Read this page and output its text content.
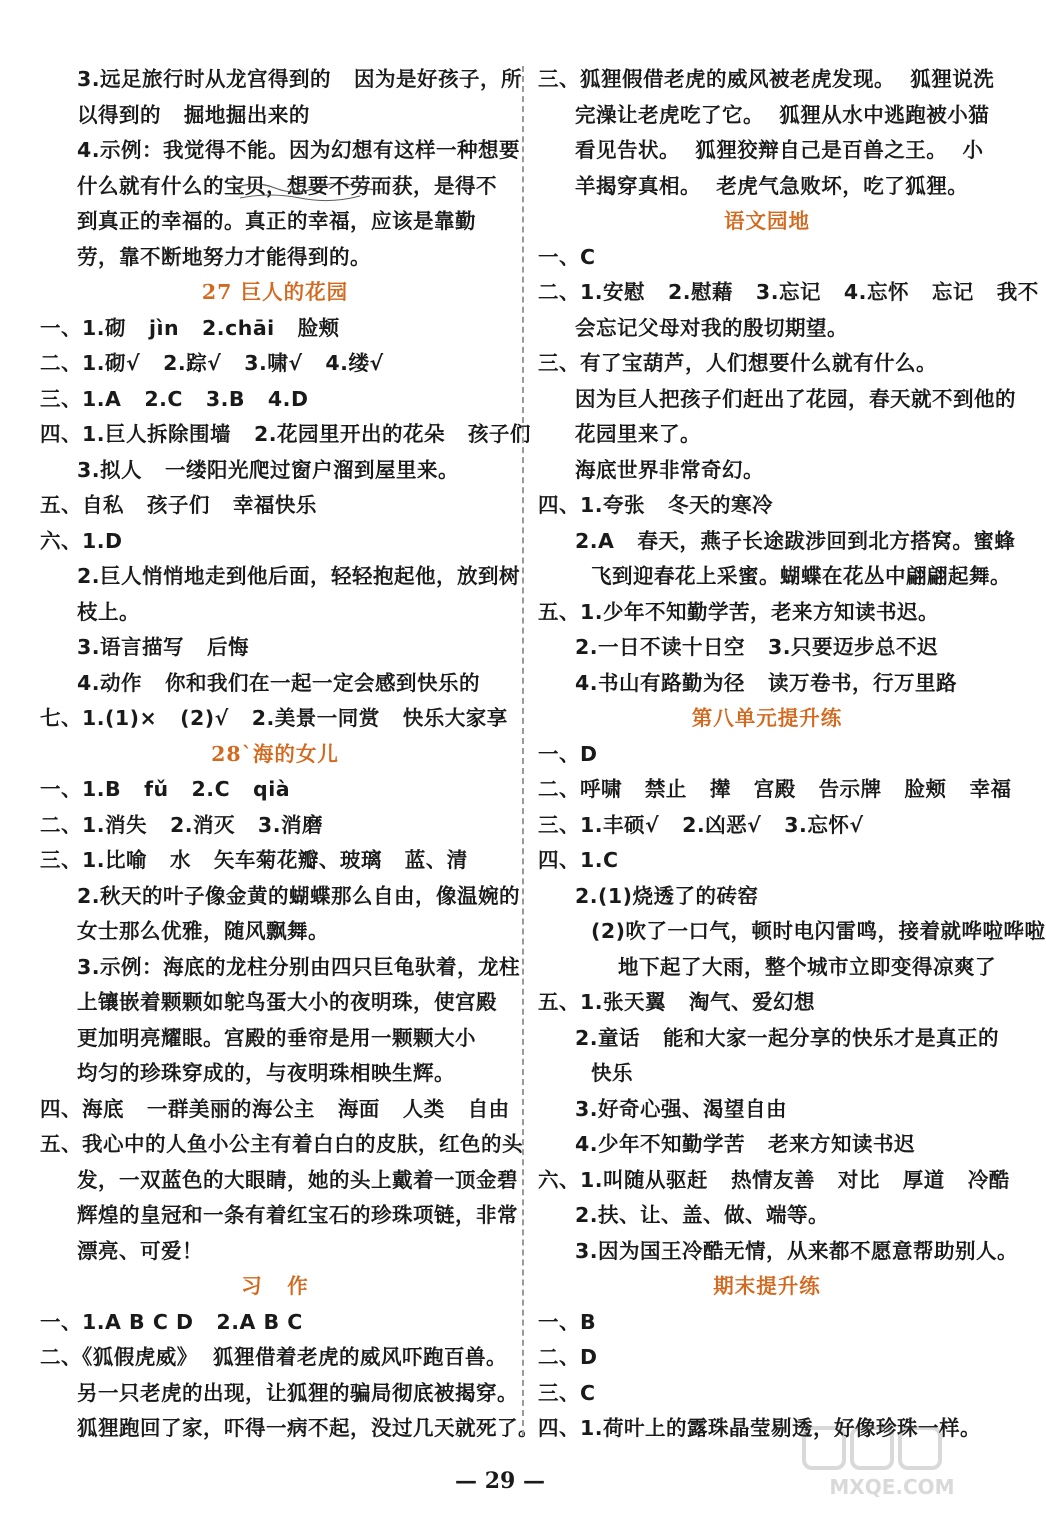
3.远足旅行时从龙宫得到的   因为是好孩子，所
以得到的   掘地掘出来的
4.示例：我觉得不能。因为幻想有这样一种想要
什么就有什么的宝贝，想要不劳而获，是得不
到真正的幸福的。真正的幸福，应该是靠勤
劳，靠不断地努力才能得到的。
27 巨人的花园
一、1.砌   jìn   2.chāi   脸颊
二、1.砌√   2.踪√   3.啸√   4.缕√
三、1.A   2.C   3.B   4.D
四、1.巨人拆除围墙   2.花园里开出的花朵   孩子们
3.拟人   一缕阳光爬过窗户溜到屋里来。
五、自私   孩子们   幸福快乐
六、1.D
2.巨人悄悄地走到他后面，轻轻抱起他，放到树
枝上。
3.语言描写   后悔
4.动作   你和我们在一起一定会感到快乐的
七、1.(1)×   (2)√   2.美景一同赏   快乐大家享
28`海的女儿
一、1.B   fǔ   2.C   qià
二、1.消失   2.消灭   3.消磨
三、1.比喻   水   矢车菊花瓣、玻璃   蓝、清
2.秋天的叶子像金黄的蝴蝶那么自由，像温婉的
女士那么优雅，随风飘舞。
3.示例：海底的龙柱分别由四只巨龟驮着，龙柱
上镶嵌着颗颗如鸵鸟蛋大小的夜明珠，使宫殿
更加明亮耀眼。宫殿的垂帘是用一颗颗大小
均匀的珍珠穿成的，与夜明珠相映生辉。
四、海底   一群美丽的海公主   海面   人类   自由
五、我心中的人鱼小公主有着白白的皮肤，红色的头
发，一双蓝色的大眼睛，她的头上戴着一顶金碧
辉煌的皇冠和一条有着红宝石的珍珠项链，非常
漂亮、可爱！
习   作
一、1.A B C D   2.A B C
二、《狐假虎威》  狐狸借着老虎的威风吓跑百兽。
另一只老虎的出现，让狐狸的骗局彻底被揭穿。
狐狸跑回了家，吓得一病不起，没过几天就死了。
三、狐狸假借老虎的威风被老虎发现。  狐狸说洗
完澡让老虎吃了它。  狐狸从水中逃跑被小猫
看见告状。  狐狸狡辩自己是百兽之王。  小
羊揭穿真相。  老虎气急败坏，吃了狐狸。
语文园地
一、C
二、1.安慰   2.慰藉   3.忘记   4.忘怀   忘记   我不
会忘记父母对我的殷切期望。
三、有了宝葫芦，人们想要什么就有什么。
因为巨人把孩子们赶出了花园，春天就不到他的
花园里来了。
海底世界非常奇幻。
四、1.夸张   冬天的寒冷
2.A   春天，燕子长途跋涉回到北方搭窝。蜜蜂
飞到迎春花上采蜜。蝴蝶在花丛中翩翩起舞。
五、1.少年不知勤学苦，老来方知读书迟。
2.一日不读十日空   3.只要迈步总不迟
4.书山有路勤为径   读万卷书，行万里路
第八单元提升练
一、D
二、呼啸   禁止   撵   宫殿   告示牌   脸颊   幸福
三、1.丰硕√   2.凶恶√   3.忘怀√
四、1.C
2.(1)烧透了的砖窑
(2)吹了一口气，顿时电闪雷鸣，接着就哗啦哗啦
地下起了大雨，整个城市立即变得凉爽了
五、1.张天翼   淘气、爱幻想
2.童话   能和大家一起分享的快乐才是真正的
快乐
3.好奇心强、渴望自由
4.少年不知勤学苦   老来方知读书迟
六、1.叫随从驱赶   热情友善   对比   厚道   冷酷
2.扶、让、盖、做、端等。
3.因为国王冷酷无情，从来都不愿意帮助别人。
期末提升练
一、B
二、D
三、C
四、1.荷叶上的露珠晶莹剔透，好像珍珠一样。
— 29 —	MXQE.COM
